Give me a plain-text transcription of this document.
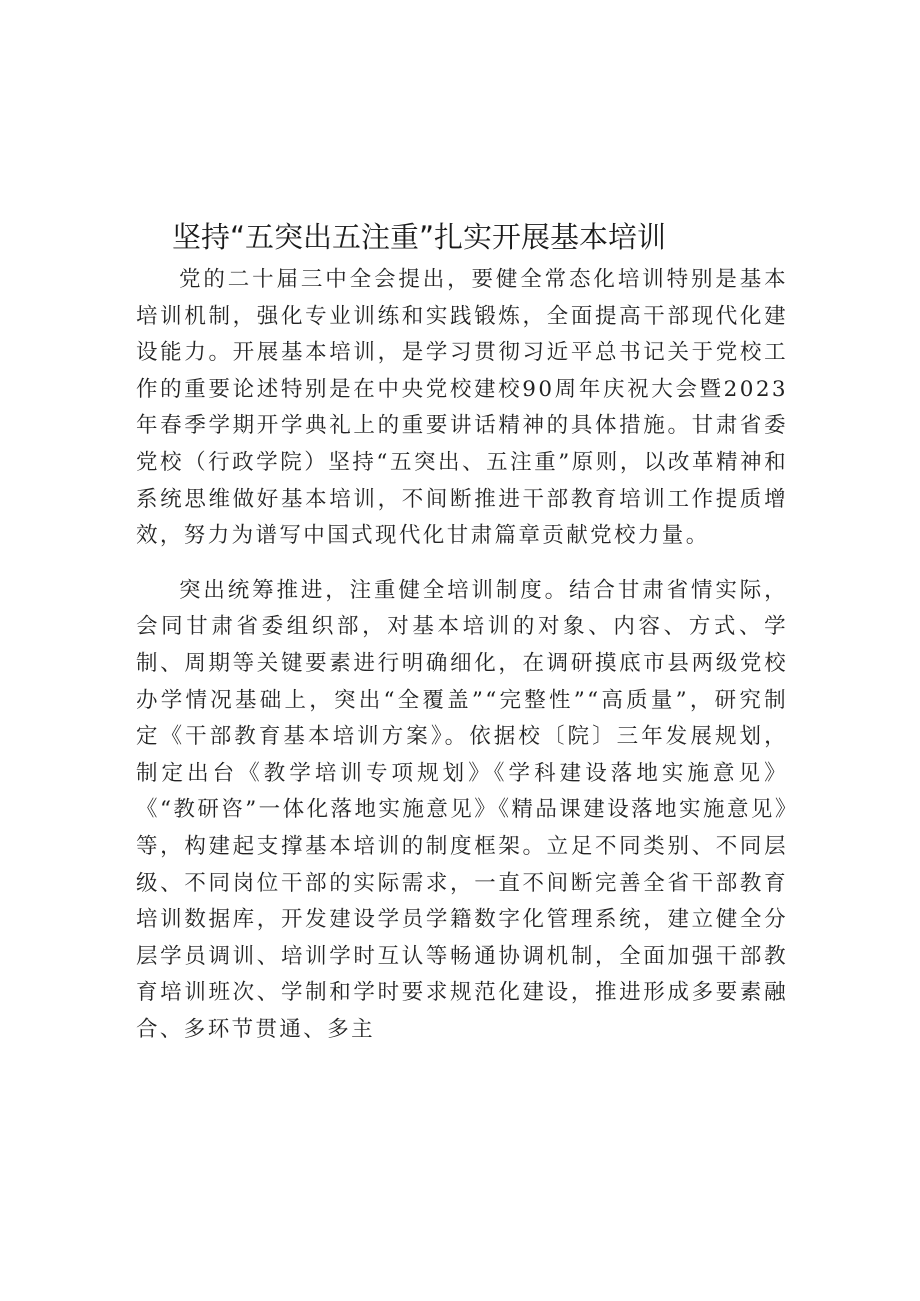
坚持“五突出五注重”扎实开展基本培训

党的二十届三中全会提出，要健全常态化培训特别是基本培训机制，强化专业训练和实践锻炼，全面提高干部现代化建设能力。开展基本培训，是学习贯彻习近平总书记关于党校工作的重要论述特别是在中央党校建校90周年庆祝大会暨2023年春季学期开学典礼上的重要讲话精神的具体措施。甘肃省委党校（行政学院）坚持“五突出、五注重”原则，以改革精神和系统思维做好基本培训，不间断推进干部教育培训工作提质增效，努力为谱写中国式现代化甘肃篇章贡献党校力量。

突出统筹推进，注重健全培训制度。结合甘肃省情实际，会同甘肃省委组织部，对基本培训的对象、内容、方式、学制、周期等关键要素进行明确细化，在调研摸底市县两级党校办学情况基础上，突出“全覆盖”“完整性”“高质量”，研究制定《干部教育基本培训方案》。依据校〔院〕三年发展规划，制定出台《教学培训专项规划》《学科建设落地实施意见》《“教研咨”一体化落地实施意见》《精品课建设落地实施意见》等，构建起支撑基本培训的制度框架。立足不同类别、不同层级、不同岗位干部的实际需求，一直不间断完善全省干部教育培训数据库，开发建设学员学籍数字化管理系统，建立健全分层学员调训、培训学时互认等畅通协调机制，全面加强干部教育培训班次、学制和学时要求规范化建设，推进形成多要素融合、多环节贯通、多主
